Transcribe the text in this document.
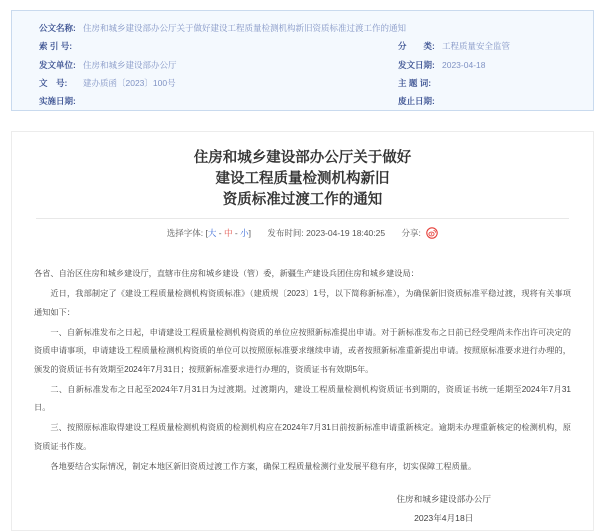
公文名称: 住房和城乡建设部办公厅关于做好建设工程质量检测机构新旧资质标准过渡工作的通知
索 引 号:
发文单位: 住房和城乡建设部办公厅
文　号: 建办质函〔2023〕100号
实施日期:
分　　类: 工程质量安全监管
发文日期: 2023-04-18
主 题 词:
废止日期:
住房和城乡建设部办公厅关于做好
建设工程质量检测机构新旧
资质标准过渡工作的通知
选择字体: [大 - 中 - 小] 发布时间: 2023-04-19 18:40:25 分享:

各省、自治区住房和城乡建设厅，直辖市住房和城乡建设（管）委，新疆生产建设兵团住房和城乡建设局：

近日，我部制定了《建设工程质量检测机构资质标准》（建质规〔2023〕1号，以下简称新标准），为确保新旧资质标准平稳过渡，现将有关事项通知如下：

一、自新标准发布之日起，申请建设工程质量检测机构资质的单位应按照新标准提出申请。对于新标准发布之日前已经受理尚未作出许可决定的资质申请事项，申请建设工程质量检测机构资质的单位可以按照原标准要求继续申请，或者按照新标准重新提出申请。按照原标准要求进行办理的，颁发的资质证书有效期至2024年7月31日；按照新标准要求进行办理的，资质证书有效期5年。

二、自新标准发布之日起至2024年7月31日为过渡期。过渡期内，建设工程质量检测机构资质证书到期的，资质证书统一延期至2024年7月31日。

三、按照原标准取得建设工程质量检测机构资质的检测机构应在2024年7月31日前按新标准申请重新核定。逾期未办理重新核定的检测机构，原资质证书作废。

各地要结合实际情况，制定本地区新旧资质过渡工作方案，确保工程质量检测行业发展平稳有序，切实保障工程质量。

住房和城乡建设部办公厅
2023年4月18日
